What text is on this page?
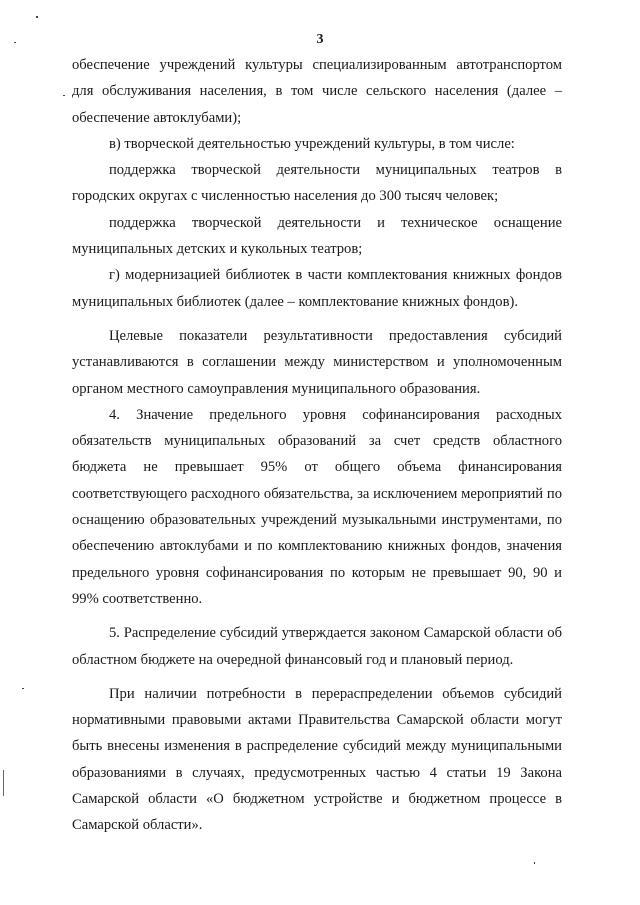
3

обеспечение учреждений культуры специализированным автотранспортом для обслуживания населения, в том числе сельского населения (далее – обеспечение автоклубами);

в) творческой деятельностью учреждений культуры, в том числе:

поддержка творческой деятельности муниципальных театров в городских округах с численностью населения до 300 тысяч человек;

поддержка творческой деятельности и техническое оснащение муниципальных детских и кукольных театров;

г) модернизацией библиотек в части комплектования книжных фондов муниципальных библиотек (далее – комплектование книжных фондов).

Целевые показатели результативности предоставления субсидий устанавливаются в соглашении между министерством и уполномоченным органом местного самоуправления муниципального образования.

4. Значение предельного уровня софинансирования расходных обязательств муниципальных образований за счет средств областного бюджета не превышает 95% от общего объема финансирования соответствующего расходного обязательства, за исключением мероприятий по оснащению образовательных учреждений музыкальными инструментами, по обеспечению автоклубами и по комплектованию книжных фондов, значения предельного уровня софинансирования по которым не превышает 90, 90 и 99% соответственно.

5. Распределение субсидий утверждается законом Самарской области об областном бюджете на очередной финансовый год и плановый период.

При наличии потребности в перераспределении объемов субсидий нормативными правовыми актами Правительства Самарской области могут быть внесены изменения в распределение субсидий между муниципальными образованиями в случаях, предусмотренных частью 4 статьи 19 Закона Самарской области «О бюджетном устройстве и бюджетном процессе в Самарской области».
